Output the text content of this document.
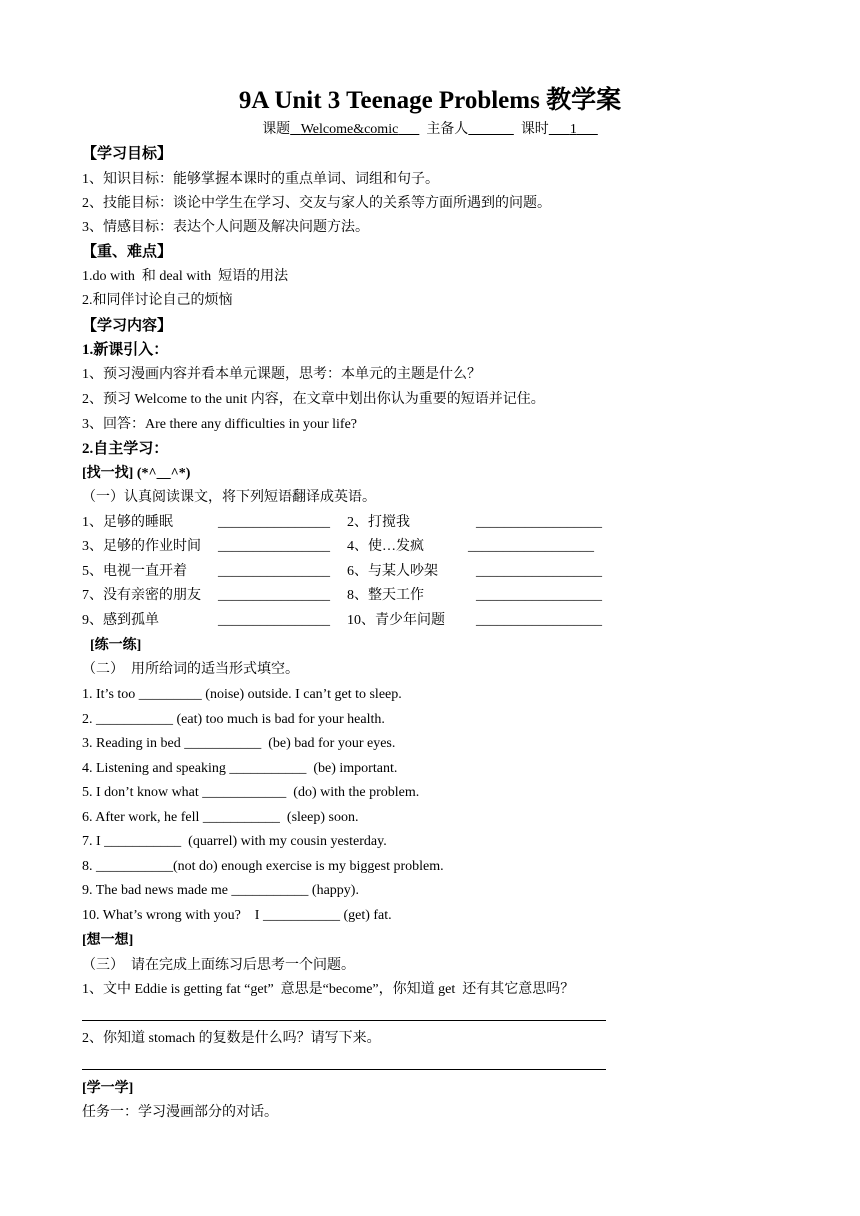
9A Unit 3 Teenage Problems 教学案
课题 Welcome&comic 主备人	课时 1
【学习目标】
1、知识目标：能够掌握本课时的重点单词、词组和句子。
2、技能目标：谈论中学生在学习、交友与家人的关系等方面所遇到的问题。
3、情感目标：表达个人问题及解决问题方法。
【重、难点】
1.do with  和 deal with  短语的用法
2.和同伴讨论自己的烦恼
【学习内容】
1.新课引入：
1、预习漫画内容并看本单元课题，思考：本单元的主题是什么？
2、预习 Welcome to the unit 内容，在文章中划出你认为重要的短语并记住。
3、回答：Are there any difficulties in your life?
2.自主学习：
[找一找] (*^__^*)
（一）认真阅读课文，将下列短语翻译成英语。
1、足够的睡眠	________________ 2、打搅我	__________________
3、足够的作业时间 ________________ 4、使…发疯	__________________
5、电视一直开着 ________________ 6、与某人吵架	__________________
7、没有亲密的朋友 ________________ 8、整天工作	__________________
9、感到孤单	________________ 10、青少年问题 __________________
[练一练]
（二）  用所给词的适当形式填空。
1. It’s too _________ (noise) outside. I can’t get to sleep.
2. ___________ (eat) too much is bad for your health.
3. Reading in bed ___________  (be) bad for your eyes.
4. Listening and speaking ___________  (be) important.
5. I don’t know what ____________  (do) with the problem.
6. After work, he fell ___________  (sleep) soon.
7. I ___________  (quarrel) with my cousin yesterday.
8. ___________(not do) enough exercise is my biggest problem.
9. The bad news made me ___________ (happy).
10. What’s wrong with you?    I ___________ (get) fat.
[想一想]
（三）  请在完成上面练习后思考一个问题。
1、文中 Eddie is getting fat “get”  意思是“become”，你知道 get  还有其它意思吗？
2、你知道 stomach 的复数是什么吗？请写下来。
[学一学]
任务一：学习漫画部分的对话。
